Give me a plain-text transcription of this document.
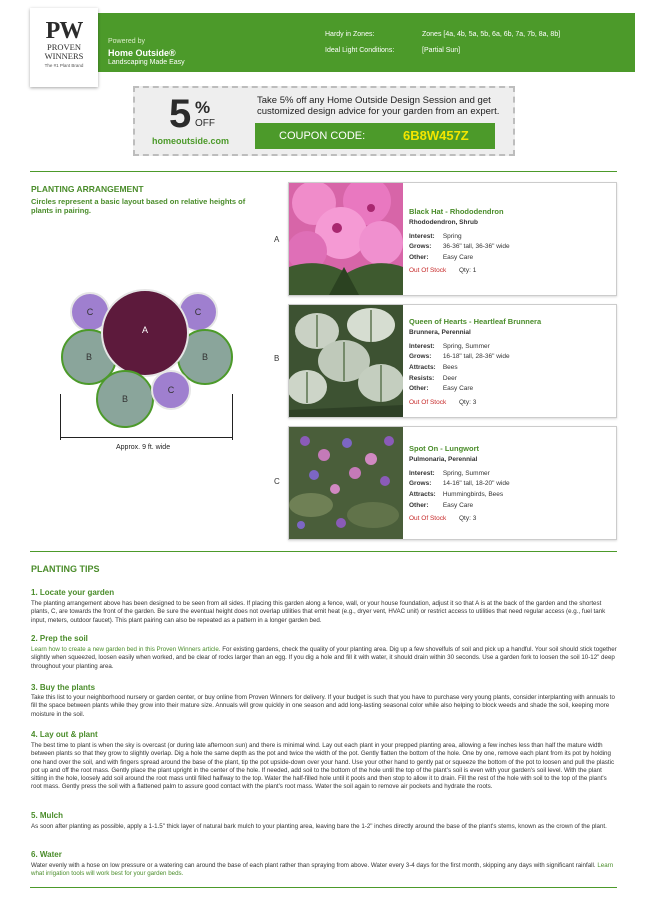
PW
PROVEN
WINNERS
The #1 Plant Brand
Powered by
Home Outside®
Landscaping Made Easy
Hardy in Zones:	Zones [4a, 4b, 5a, 5b, 6a, 6b, 7a, 7b, 8a, 8b]
Ideal Light Conditions:	[Partial Sun]
5 %
OFF
homeoutside.com
Take 5% off any Home Outside Design Session and get customized design advice for your garden from an expert.
COUPON CODE:	6B8W457Z
PLANTING ARRANGEMENT
Circles represent a basic layout based on relative heights of plants in pairing.
C	C
B	B
A
B
C
Approx. 9 ft. wide
A
Black Hat - Rhododendron
Rhododendron, Shrub
Interest: Spring
Grows: 36-36" tall, 36-36" wide
Other: Easy Care
Out Of Stock Qty: 1
B
Queen of Hearts - Heartleaf Brunnera
Brunnera, Perennial
Interest: Spring, Summer
Grows: 16-18" tall, 28-36" wide
Attracts: Bees
Resists: Deer
Other: Easy Care
Out Of Stock Qty: 3
C
Spot On - Lungwort
Pulmonaria, Perennial
Interest: Spring, Summer
Grows: 14-16" tall, 18-20" wide
Attracts: Hummingbirds, Bees
Other: Easy Care
Out Of Stock Qty: 3
PLANTING TIPS
1. Locate your garden
The planting arrangement above has been designed to be seen from all sides. If placing this garden along a fence, wall, or your house foundation, adjust it so that A is at the back of the garden and the shortest plants, C, are towards the front of the garden. Be sure the eventual height does not overlap utilities that emit heat (e.g., dryer vent, HVAC unit) or restrict access to utilities that need regular access (e.g., fuel tank input, meters, outdoor faucet). This plant pairing can also be repeated as a pattern in a longer garden bed.
2. Prep the soil
Learn how to create a new garden bed in this Proven Winners article. For existing gardens, check the quality of your planting area. Dig up a few shovelfuls of soil and pick up a handful. Your soil should stick together slightly when squeezed, loosen easily when worked, and be clear of rocks larger than an egg. If you dig a hole and fill it with water, it should drain within 30 seconds. Use a garden fork to loosen the soil 10-12" deep throughout your planting area.
3. Buy the plants
Take this list to your neighborhood nursery or garden center, or buy online from Proven Winners for delivery. If your budget is such that you have to purchase very young plants, consider interplanting with annuals to fill the space between plants while they grow into their mature size. Annuals will grow quickly in one season and add long-lasting seasonal color while also helping to block weeds and shade the soil, keeping more moisture in the soil.
4. Lay out & plant
The best time to plant is when the sky is overcast (or during late afternoon sun) and there is minimal wind. Lay out each plant in your prepped planting area, allowing a few inches less than half the mature width between plants so that they grow to slightly overlap. Dig a hole the same depth as the pot and twice the width of the pot. Gently flatten the bottom of the hole. One by one, remove each plant from its pot by holding one hand over the soil, and with fingers spread around the base of the plant, tip the pot upside-down over your hand. Use your other hand to gently pat or squeeze the bottom of the pot to loosen and pull the plastic pot up and off the root mass. Gently place the plant upright in the center of the hole. If needed, add soil to the bottom of the hole until the top of the plant's soil is even with your garden's soil level. With the plant sitting in the hole, loosely add soil around the root mass until filled halfway to the top. Water the half-filled hole until it pools and then stop to allow it to drain. Fill the rest of the hole with soil to the top of the plant's root mass. Gently press the soil with a flattened palm to assure good contact with the plant's root mass. Water the soil again to remove air pockets and hydrate the roots.
5. Mulch
As soon after planting as possible, apply a 1-1.5" thick layer of natural bark mulch to your planting area, leaving bare the 1-2" inches directly around the base of the plant's stems, known as the crown of the plant.
6. Water
Water evenly with a hose on low pressure or a watering can around the base of each plant rather than spraying from above. Water every 3-4 days for the first month, skipping any days with significant rainfall. Learn what irrigation tools will work best for your garden beds.
